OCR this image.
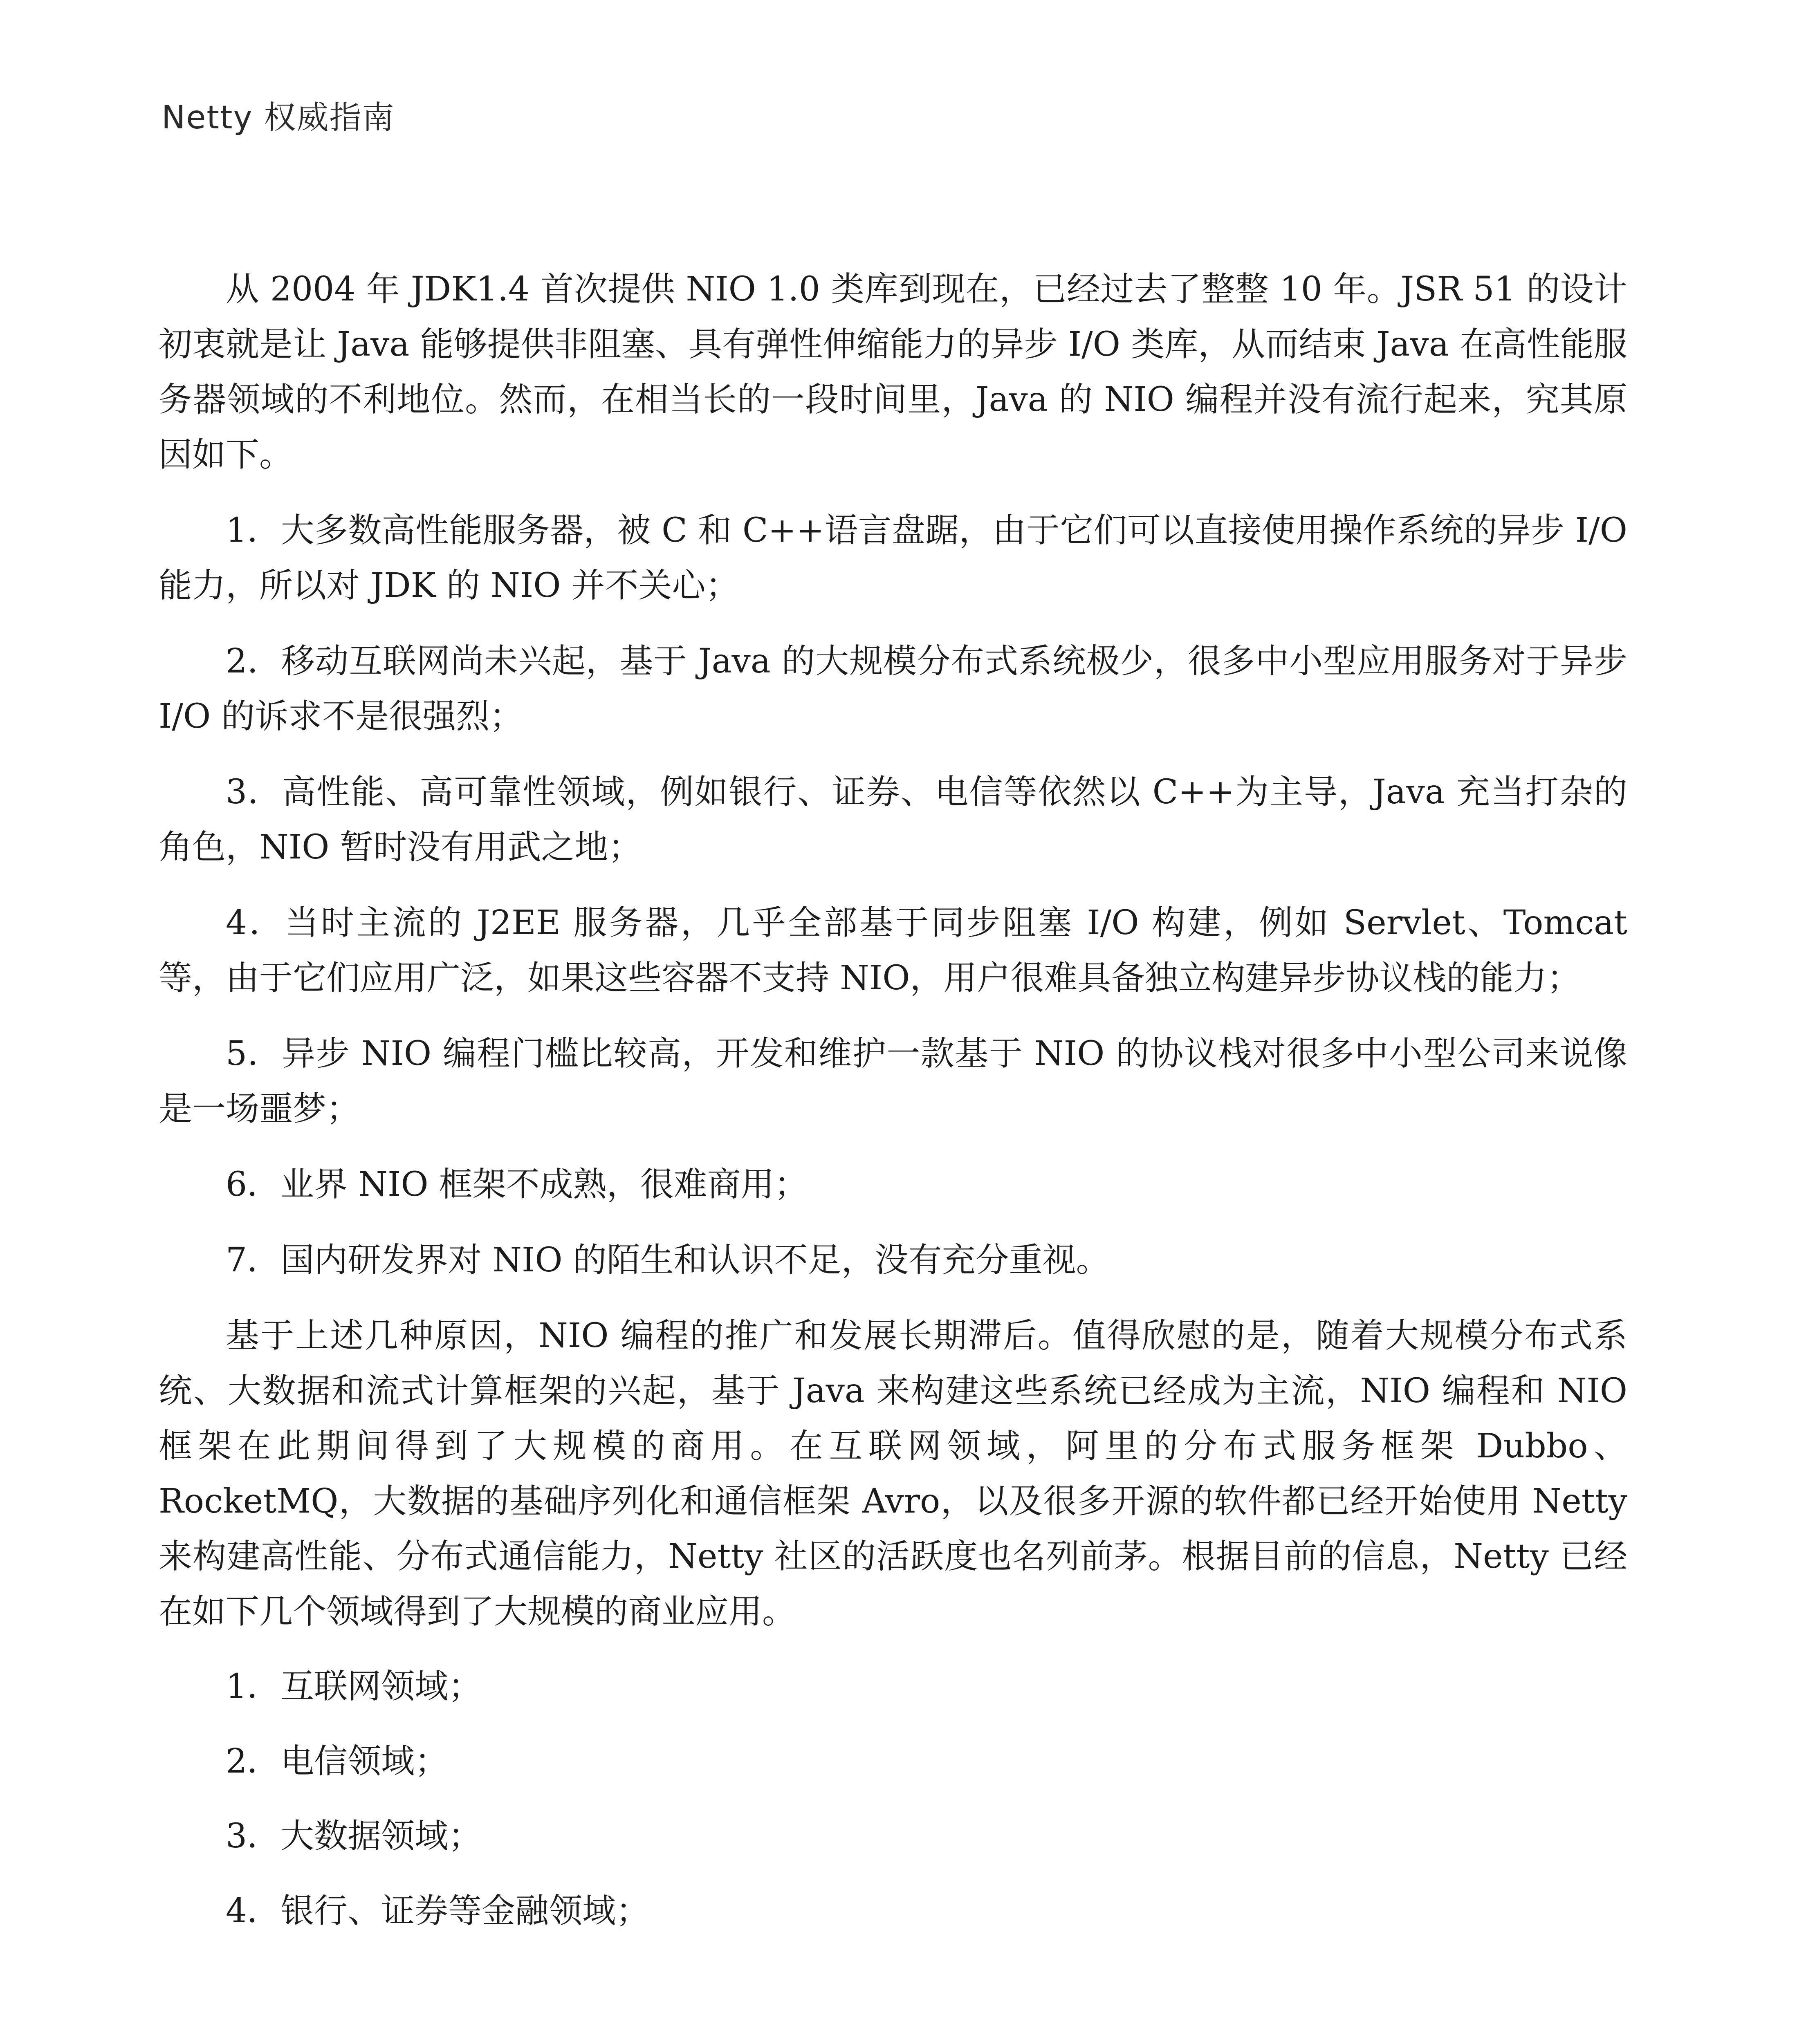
Netty 权威指南

从 2004 年 JDK1.4 首次提供 NIO 1.0 类库到现在，已经过去了整整 10 年。JSR 51 的设计初衷就是让 Java 能够提供非阻塞、具有弹性伸缩能力的异步 I/O 类库，从而结束 Java 在高性能服务器领域的不利地位。然而，在相当长的一段时间里，Java 的 NIO 编程并没有流行起来，究其原因如下。

1．大多数高性能服务器，被 C 和 C++语言盘踞，由于它们可以直接使用操作系统的异步 I/O 能力，所以对 JDK 的 NIO 并不关心；

2．移动互联网尚未兴起，基于 Java 的大规模分布式系统极少，很多中小型应用服务对于异步 I/O 的诉求不是很强烈；

3．高性能、高可靠性领域，例如银行、证券、电信等依然以 C++为主导，Java 充当打杂的角色，NIO 暂时没有用武之地；

4．当时主流的 J2EE 服务器，几乎全部基于同步阻塞 I/O 构建，例如 Servlet、Tomcat 等，由于它们应用广泛，如果这些容器不支持 NIO，用户很难具备独立构建异步协议栈的能力；

5．异步 NIO 编程门槛比较高，开发和维护一款基于 NIO 的协议栈对很多中小型公司来说像是一场噩梦；

6．业界 NIO 框架不成熟，很难商用；

7．国内研发界对 NIO 的陌生和认识不足，没有充分重视。

基于上述几种原因，NIO 编程的推广和发展长期滞后。值得欣慰的是，随着大规模分布式系统、大数据和流式计算框架的兴起，基于 Java 来构建这些系统已经成为主流，NIO 编程和 NIO 框架在此期间得到了大规模的商用。在互联网领域，阿里的分布式服务框架 Dubbo、RocketMQ，大数据的基础序列化和通信框架 Avro，以及很多开源的软件都已经开始使用 Netty 来构建高性能、分布式通信能力，Netty 社区的活跃度也名列前茅。根据目前的信息，Netty 已经在如下几个领域得到了大规模的商业应用。

1．互联网领域；

2．电信领域；

3．大数据领域；

4．银行、证券等金融领域；
